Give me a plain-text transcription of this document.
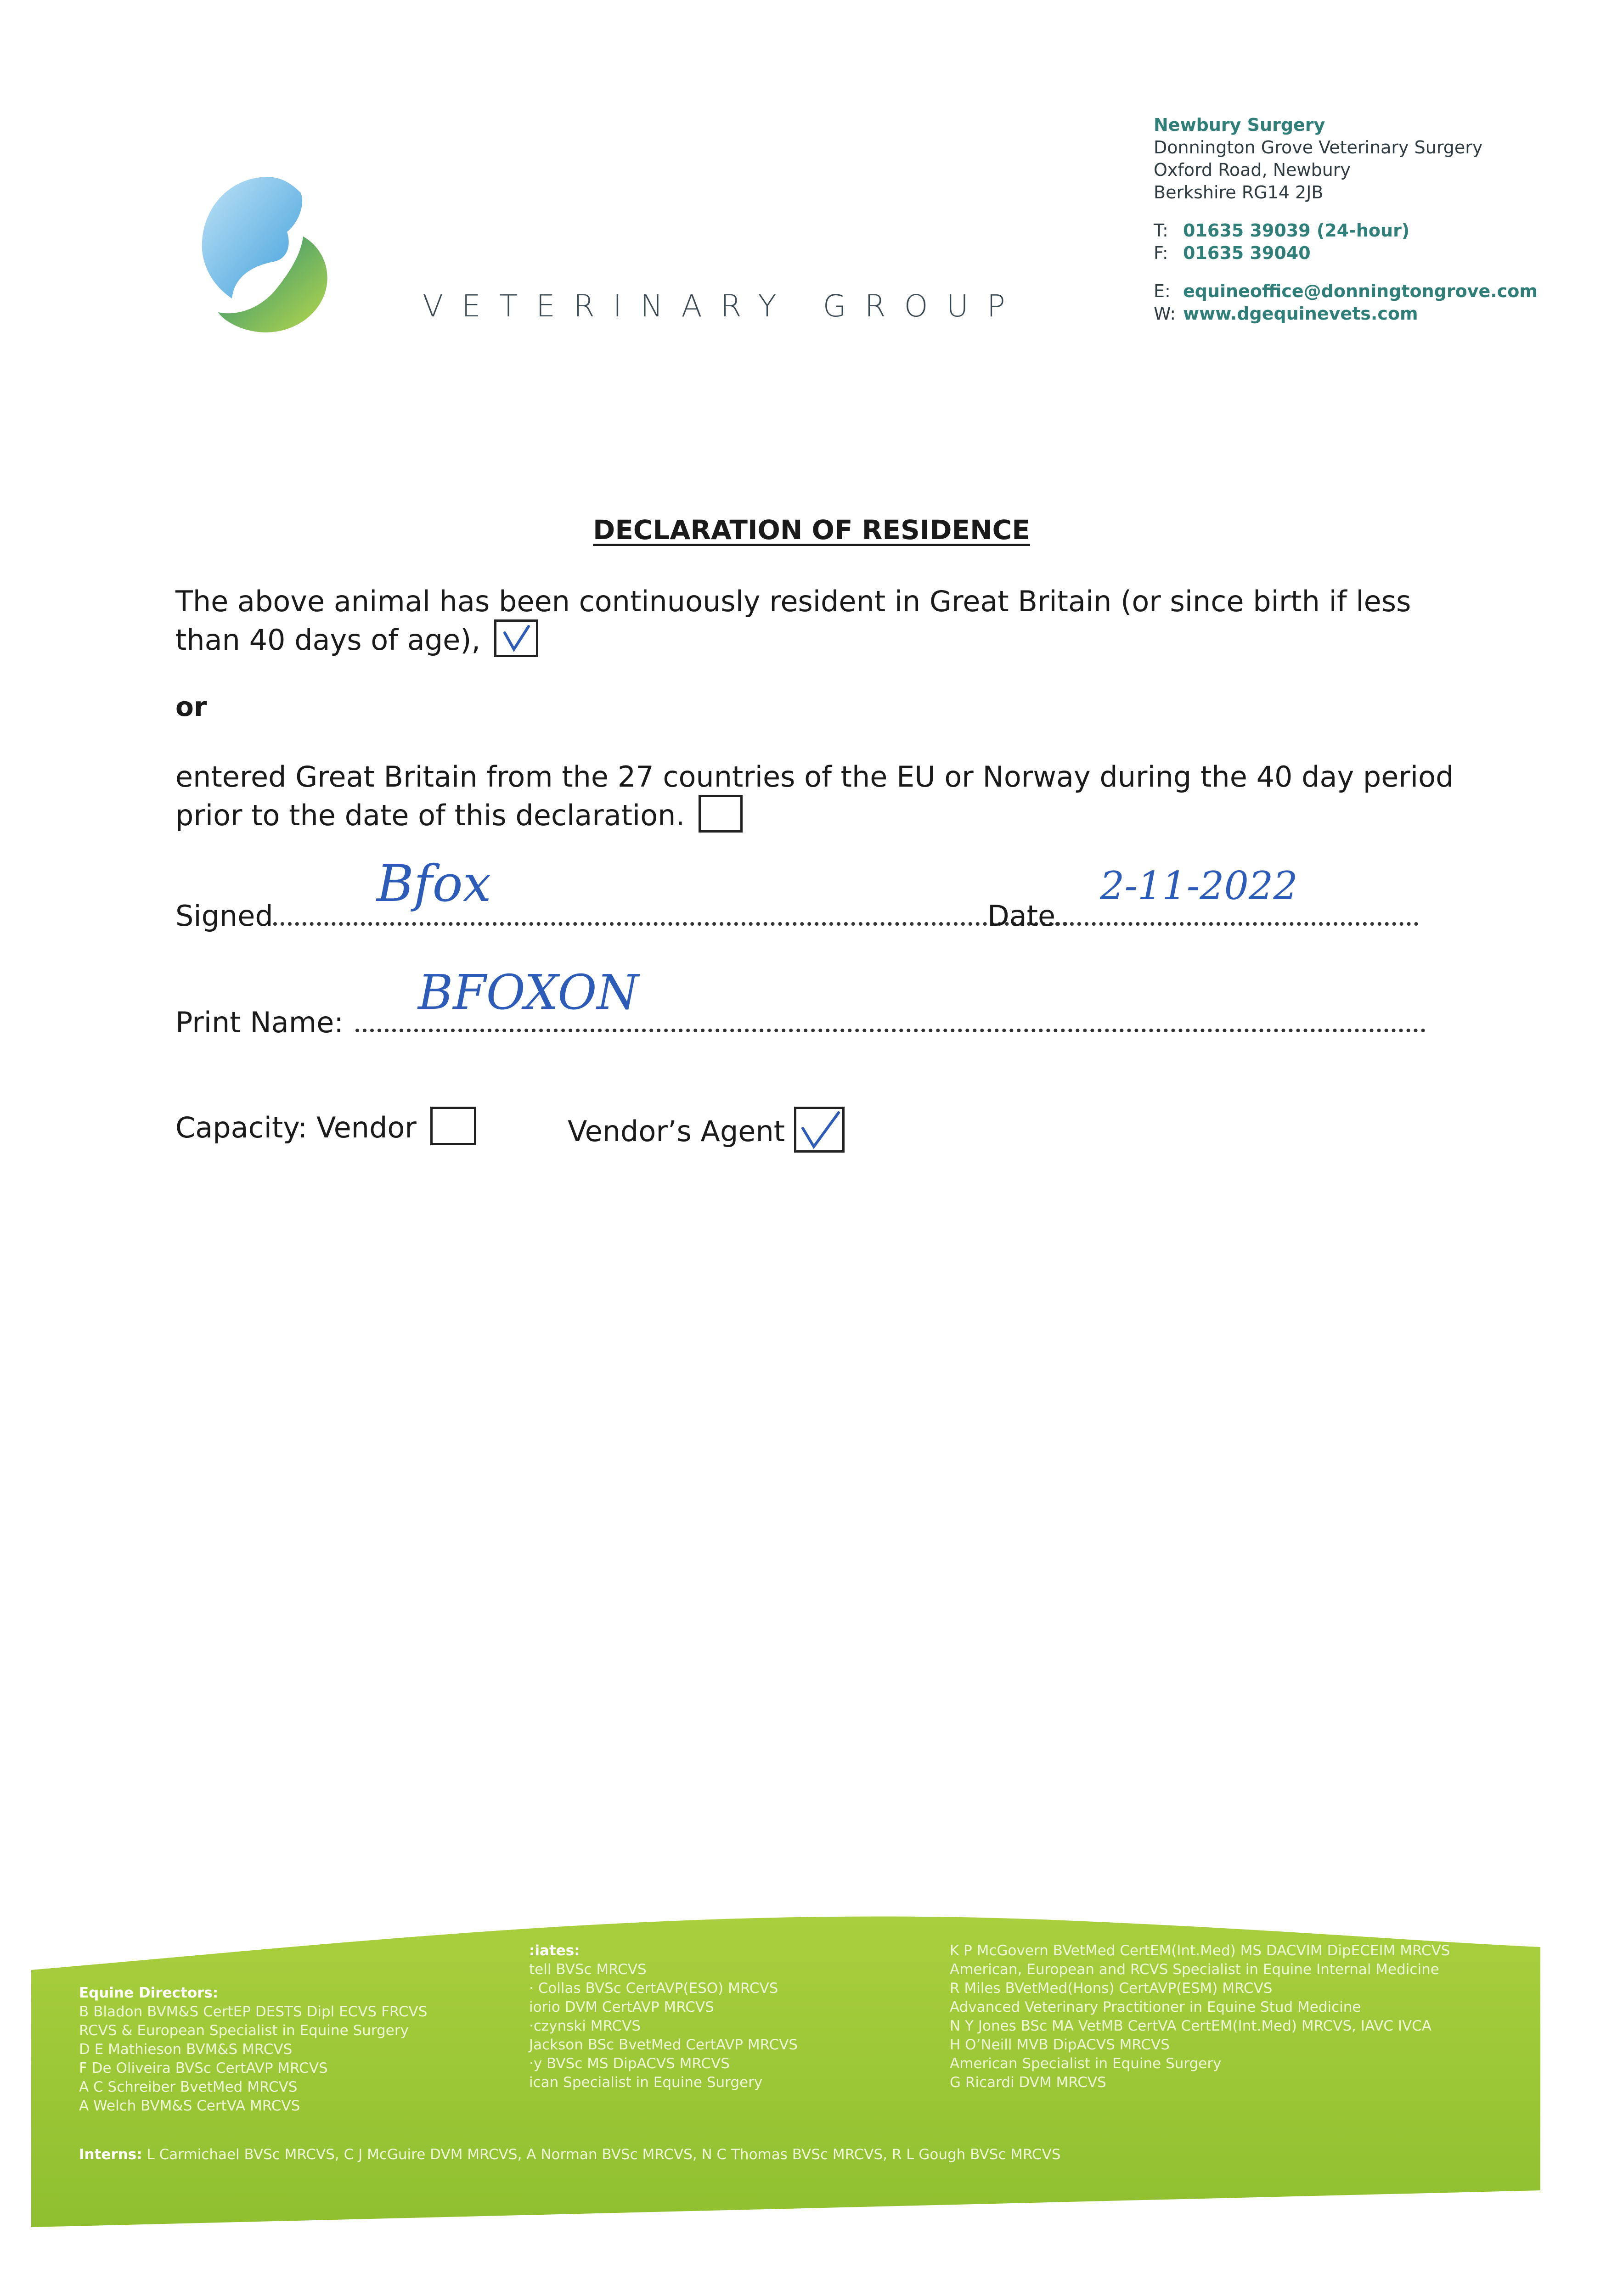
VETERINARY GROUP
Newbury Surgery
Donnington Grove Veterinary Surgery
Oxford Road, Newbury
Berkshire RG14 2JB
T: 01635 39039 (24-hour)
F: 01635 39040
E: equineoffice@donningtongrove.com
W: www.dgequinevets.com
DECLARATION OF RESIDENCE
The above animal has been continuously resident in Great Britain (or since birth if less than 40 days of age),
or
entered Great Britain from the 27 countries of the EU or Norway during the 40 day period prior to the date of this declaration.
Signed
Bfox
Date
2-11-2022
Print Name:
BFOXON
Capacity: Vendor	Vendor’s Agent
Equine Directors:
B Bladon BVM&S CertEP DESTS Dipl ECVS FRCVS
RCVS & European Specialist in Equine Surgery
D E Mathieson BVM&S MRCVS
F De Oliveira BVSc CertAVP MRCVS
A C Schreiber BvetMed MRCVS
A Welch BVM&S CertVA MRCVS
:iates:
tell BVSc MRCVS
· Collas BVSc CertAVP(ESO) MRCVS
iorio DVM CertAVP MRCVS
·czynski MRCVS
Jackson BSc BvetMed CertAVP MRCVS
·y BVSc MS DipACVS MRCVS
ican Specialist in Equine Surgery
K P McGovern BVetMed CertEM(Int.Med) MS DACVIM DipECEIM MRCVS
American, European and RCVS Specialist in Equine Internal Medicine
R Miles BVetMed(Hons) CertAVP(ESM) MRCVS
Advanced Veterinary Practitioner in Equine Stud Medicine
N Y Jones BSc MA VetMB CertVA CertEM(Int.Med) MRCVS, IAVC IVCA
H O’Neill MVB DipACVS MRCVS
American Specialist in Equine Surgery
G Ricardi DVM MRCVS
Interns: L Carmichael BVSc MRCVS, C J McGuire DVM MRCVS, A Norman BVSc MRCVS, N C Thomas BVSc MRCVS, R L Gough BVSc MRCVS
